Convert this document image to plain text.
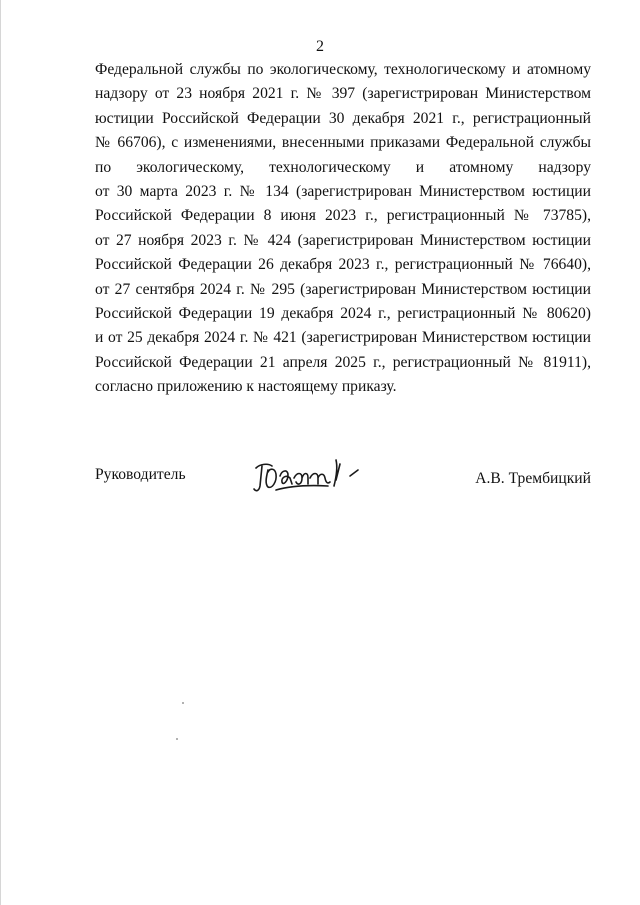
2
Федеральной службы по экологическому, технологическому и атомному
надзору от 23 ноября 2021 г. № 397 (зарегистрирован Министерством
юстиции Российской Федерации 30 декабря 2021 г., регистрационный
№ 66706), с изменениями, внесенными приказами Федеральной службы
по экологическому, технологическому и атомному надзору
от 30 марта 2023 г. № 134 (зарегистрирован Министерством юстиции
Российской Федерации 8 июня 2023 г., регистрационный № 73785),
от 27 ноября 2023 г. № 424 (зарегистрирован Министерством юстиции
Российской Федерации 26 декабря 2023 г., регистрационный № 76640),
от 27 сентября 2024 г. № 295 (зарегистрирован Министерством юстиции
Российской Федерации 19 декабря 2024 г., регистрационный № 80620)
и от 25 декабря 2024 г. № 421 (зарегистрирован Министерством юстиции
Российской Федерации 21 апреля 2025 г., регистрационный № 81911),
согласно приложению к настоящему приказу.
Руководитель	А.В. Трембицкий
